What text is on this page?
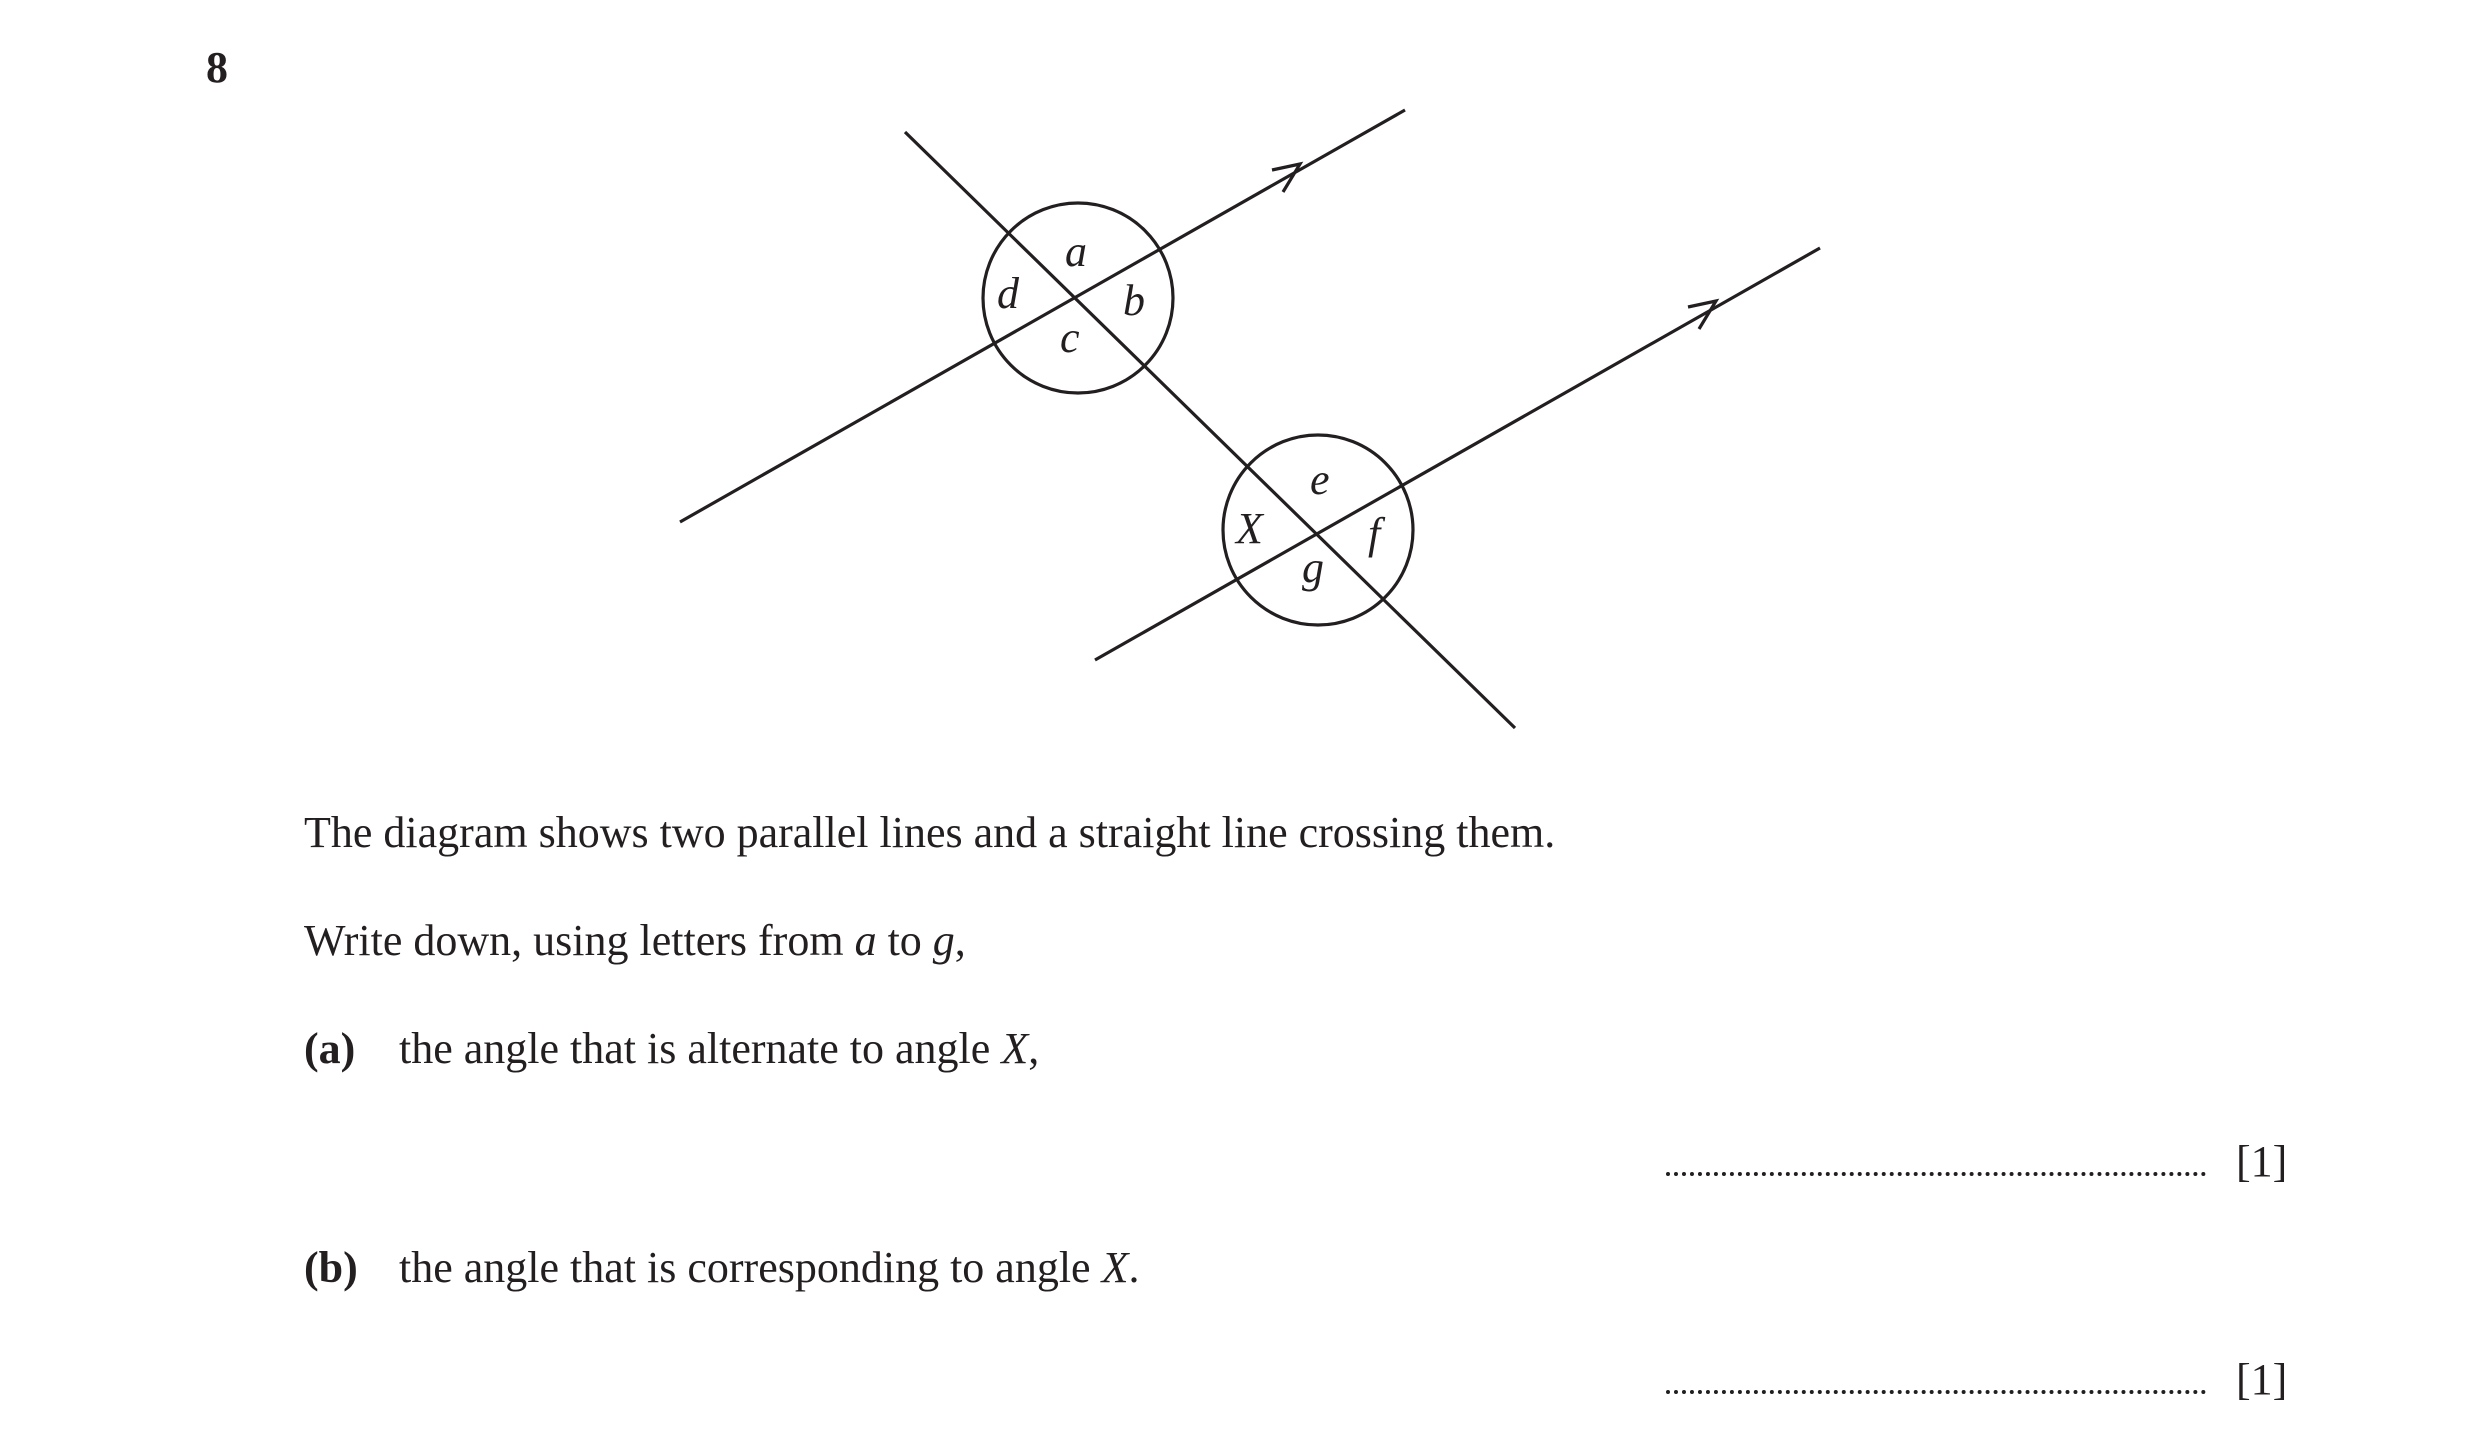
8
a
b
c
d
e
f
g
X
The diagram shows two parallel lines and a straight line crossing them.
Write down, using letters from a to g,
(a) the angle that is alternate to angle X,
[1]
(b) the angle that is corresponding to angle X.
[1]
